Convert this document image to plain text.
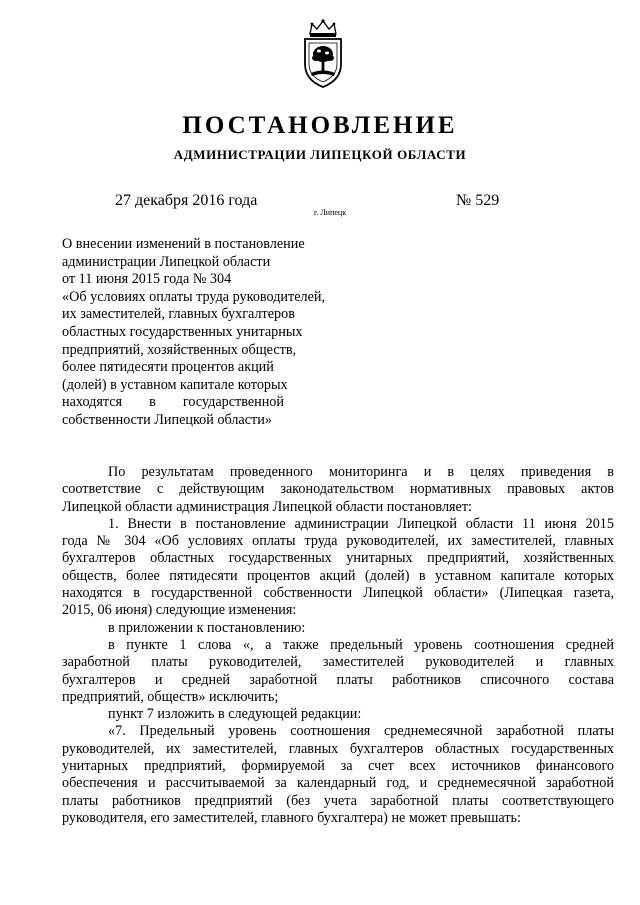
ПОСТАНОВЛЕНИЕ
АДМИНИСТРАЦИИ ЛИПЕЦКОЙ ОБЛАСТИ
27 декабря 2016 года
г. Липецк
№ 529
О внесении изменений в постановление
администрации Липецкой области
от 11 июня 2015 года № 304
«Об условиях оплаты труда руководителей,
их заместителей, главных бухгалтеров
областных государственных унитарных
предприятий, хозяйственных обществ,
более пятидесяти процентов акций
(долей) в уставном капитале которых
находятся в государственной
собственности Липецкой области»
По результатам проведенного мониторинга и в целях приведения в
соответствие с действующим законодательством нормативных правовых актов
Липецкой области администрация Липецкой области постановляет:
1. Внести в постановление администрации Липецкой области 11 июня 2015
года № 304 «Об условиях оплаты труда руководителей, их заместителей, главных
бухгалтеров областных государственных унитарных предприятий, хозяйственных
обществ, более пятидесяти процентов акций (долей) в уставном капитале которых
находятся в государственной собственности Липецкой области» (Липецкая газета,
2015, 06 июня) следующие изменения:
в приложении к постановлению:
в пункте 1 слова «, а также предельный уровень соотношения средней
заработной платы руководителей, заместителей руководителей и главных
бухгалтеров и средней заработной платы работников списочного состава
предприятий, обществ» исключить;
пункт 7 изложить в следующей редакции:
«7. Предельный уровень соотношения среднемесячной заработной платы
руководителей, их заместителей, главных бухгалтеров областных государственных
унитарных предприятий, формируемой за счет всех источников финансового
обеспечения и рассчитываемой за календарный год, и среднемесячной заработной
платы работников предприятий (без учета заработной платы соответствующего
руководителя, его заместителей, главного бухгалтера) не может превышать:
